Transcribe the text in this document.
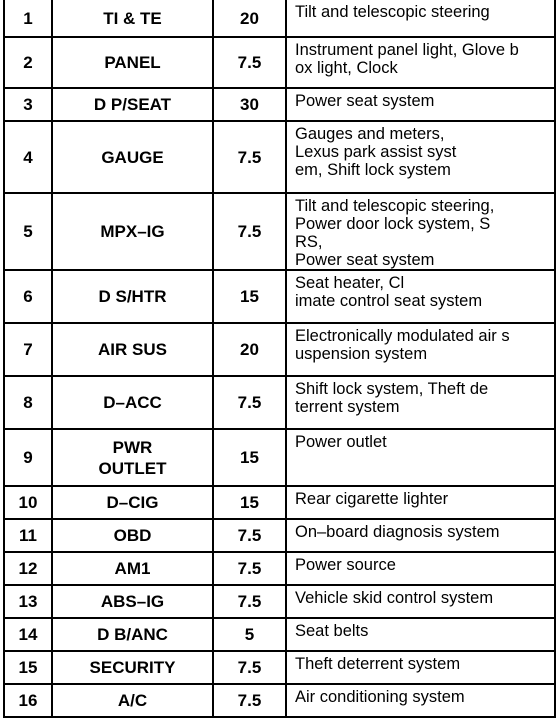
1	TI & TE	20	Tilt and telescopic steering
2	PANEL	7.5	Instrument panel light, Glove b
ox light, Clock
3	D P/SEAT	30	Power seat system
4	GAUGE	7.5	Gauges and meters,
Lexus park assist syst
em, Shift lock system
5	MPX–IG	7.5	Tilt and telescopic steering,
Power door lock system, S
RS,
Power seat system
6	D S/HTR	15	Seat heater, Cl
imate control seat system
7	AIR SUS	20	Electronically modulated air s
uspension system
8	D–ACC	7.5	Shift lock system, Theft de
terrent system
9	PWR
OUTLET	15	Power outlet
10	D–CIG	15	Rear cigarette lighter
11	OBD	7.5	On–board diagnosis system
12	AM1	7.5	Power source
13	ABS–IG	7.5	Vehicle skid control system
14	D B/ANC	5	Seat belts
15	SECURITY	7.5	Theft deterrent system
16	A/C	7.5	Air conditioning system
